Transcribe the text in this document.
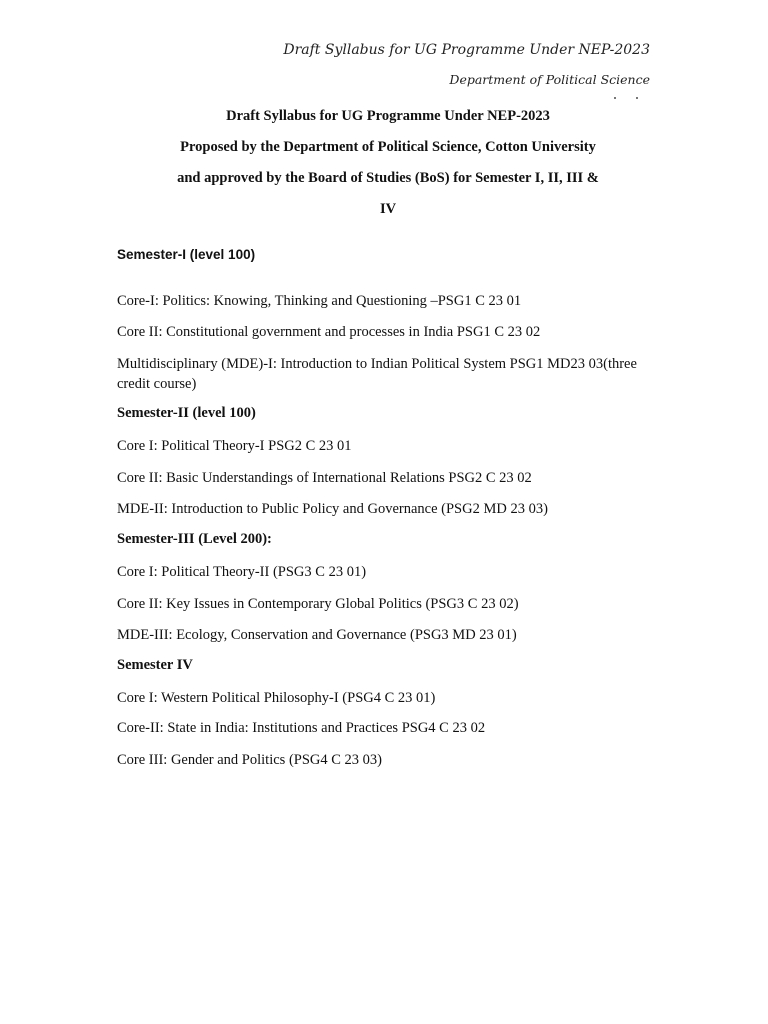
Draft Syllabus for UG Programme Under NEP-2023
Department of Political Science
Draft Syllabus for UG Programme Under NEP-2023
Proposed by the Department of Political Science, Cotton University
and approved by the Board of Studies (BoS) for Semester I, II, III &
IV
Semester-I (level 100)
Core-I: Politics: Knowing, Thinking and Questioning –PSG1 C 23 01
Core II: Constitutional government and processes in India PSG1 C 23 02
Multidisciplinary (MDE)-I: Introduction to Indian Political System PSG1 MD23 03(three credit course)
Semester-II (level 100)
Core I: Political Theory-I PSG2 C 23 01
Core II: Basic Understandings of International Relations PSG2 C 23 02
MDE-II: Introduction to Public Policy and Governance (PSG2 MD 23 03)
Semester-III (Level 200):
Core I: Political Theory-II (PSG3 C 23 01)
Core II: Key Issues in Contemporary Global Politics (PSG3 C 23 02)
MDE-III: Ecology, Conservation and Governance (PSG3 MD 23 01)
Semester IV
Core I: Western Political Philosophy-I (PSG4 C 23 01)
Core-II: State in India: Institutions and Practices PSG4 C 23 02
Core III: Gender and Politics (PSG4 C 23 03)
